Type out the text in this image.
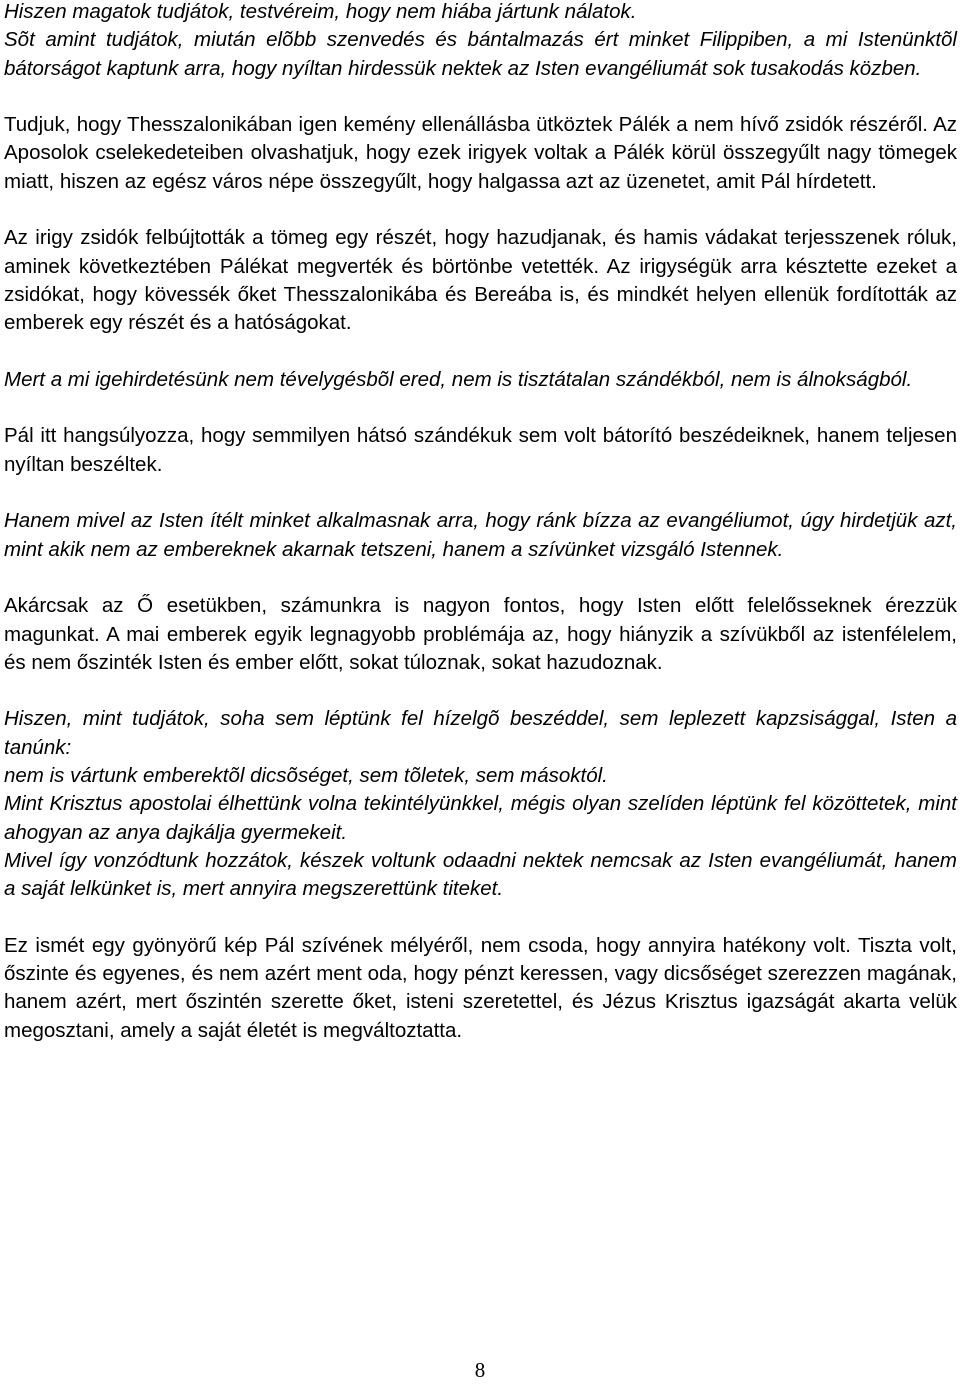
Hiszen magatok tudjátok, testvéreim, hogy nem hiába jártunk nálatok.
Sõt amint tudjátok, miután elõbb szenvedés és bántalmazás ért minket Filippiben, a mi Istenünktõl bátorságot kaptunk arra, hogy nyíltan hirdessük nektek az Isten evangéliumát sok tusakodás közben.

Tudjuk, hogy Thesszalonikában igen kemény ellenállásba ütköztek Pálék a nem hívő zsidók részéről. Az Aposolok cselekedeteiben olvashatjuk, hogy ezek irigyek voltak a Pálék körül összegyűlt nagy tömegek miatt, hiszen az egész város népe összegyűlt, hogy halgassa azt az üzenetet, amit Pál hírdetett.

Az irigy zsidók felbújtották a tömeg egy részét, hogy hazudjanak, és hamis vádakat terjesszenek róluk, aminek következtében Pálékat megverték és börtönbe vetették. Az irigységük arra késztette ezeket a zsidókat, hogy kövessék őket Thesszalonikába és Bereába is, és mindkét helyen ellenük fordították az emberek egy részét és a hatóságokat.

Mert a mi igehirdetésünk nem tévelygésbõl ered, nem is tisztátalan szándékból, nem is álnokságból.

Pál itt hangsúlyozza, hogy semmilyen hátsó szándékuk sem volt bátorító beszédeiknek, hanem teljesen nyíltan beszéltek.

Hanem mivel az Isten ítélt minket alkalmasnak arra, hogy ránk bízza az evangéliumot, úgy hirdetjük azt, mint akik nem az embereknek akarnak tetszeni, hanem a szívünket vizsgáló Istennek.

Akárcsak az Ő esetükben, számunkra is nagyon fontos, hogy Isten előtt felelősseknek érezzük magunkat. A mai emberek egyik legnagyobb problémája az, hogy hiányzik a szívükből az istenfélelem, és nem őszinték Isten és ember előtt, sokat túloznak, sokat hazudoznak.

Hiszen, mint tudjátok, soha sem léptünk fel hízelgõ beszéddel, sem leplezett kapzsisággal, Isten a tanúnk:
nem is vártunk emberektõl dicsõséget, sem tõletek, sem másoktól.
Mint Krisztus apostolai élhettünk volna tekintélyünkkel, mégis olyan szelíden léptünk fel közöttetek, mint ahogyan az anya dajkálja gyermekeit.
Mivel így vonzódtunk hozzátok, készek voltunk odaadni nektek nemcsak az Isten evangéliumát, hanem a saját lelkünket is, mert annyira megszerettünk titeket.

Ez ismét egy gyönyörű kép Pál szívének mélyéről, nem csoda, hogy annyira hatékony volt. Tiszta volt, őszinte és egyenes, és nem azért ment oda, hogy pénzt keressen, vagy dicsőséget szerezzen magának, hanem azért, mert őszintén szerette őket, isteni szeretettel, és Jézus Krisztus igazságát akarta velük megosztani, amely a saját életét is megváltoztatta.

8
